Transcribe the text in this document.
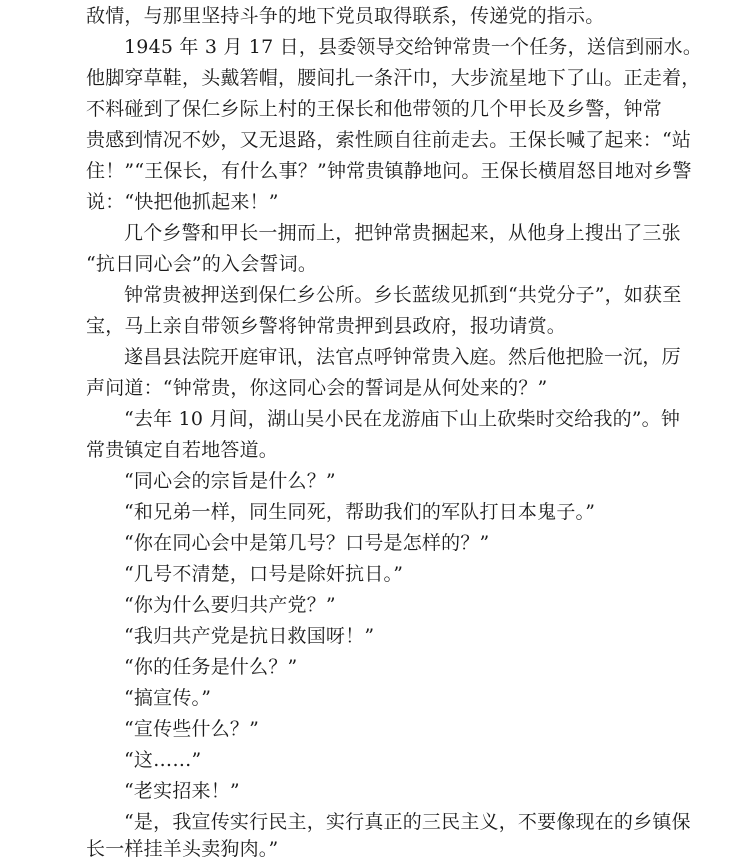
敌情，与那里坚持斗争的地下党员取得联系，传递党的指示。
1945 年 3 月 17 日，县委领导交给钟常贵一个任务，送信到丽水。
他脚穿草鞋，头戴箬帽，腰间扎一条汗巾，大步流星地下了山。正走着，
不料碰到了保仁乡际上村的王保长和他带领的几个甲长及乡警，钟常
贵感到情况不妙，又无退路，索性顾自往前走去。王保长喊了起来：“站
住！”“王保长，有什么事？”钟常贵镇静地问。王保长横眉怒目地对乡警
说：“快把他抓起来！”
几个乡警和甲长一拥而上，把钟常贵捆起来，从他身上搜出了三张
“抗日同心会”的入会誓词。
钟常贵被押送到保仁乡公所。乡长蓝绂见抓到“共党分子”，如获至
宝，马上亲自带领乡警将钟常贵押到县政府，报功请赏。
遂昌县法院开庭审讯，法官点呼钟常贵入庭。然后他把脸一沉，厉
声问道：“钟常贵，你这同心会的誓词是从何处来的？”
“去年 10 月间，湖山吴小民在龙游庙下山上砍柴时交给我的”。钟
常贵镇定自若地答道。
“同心会的宗旨是什么？”
“和兄弟一样，同生同死，帮助我们的军队打日本鬼子。”
“你在同心会中是第几号？口号是怎样的？”
“几号不清楚，口号是除奸抗日。”
“你为什么要归共产党？”
“我归共产党是抗日救国呀！”
“你的任务是什么？”
“搞宣传。”
“宣传些什么？”
“这……”
“老实招来！”
“是，我宣传实行民主，实行真正的三民主义，不要像现在的乡镇保
长一样挂羊头卖狗肉。”
